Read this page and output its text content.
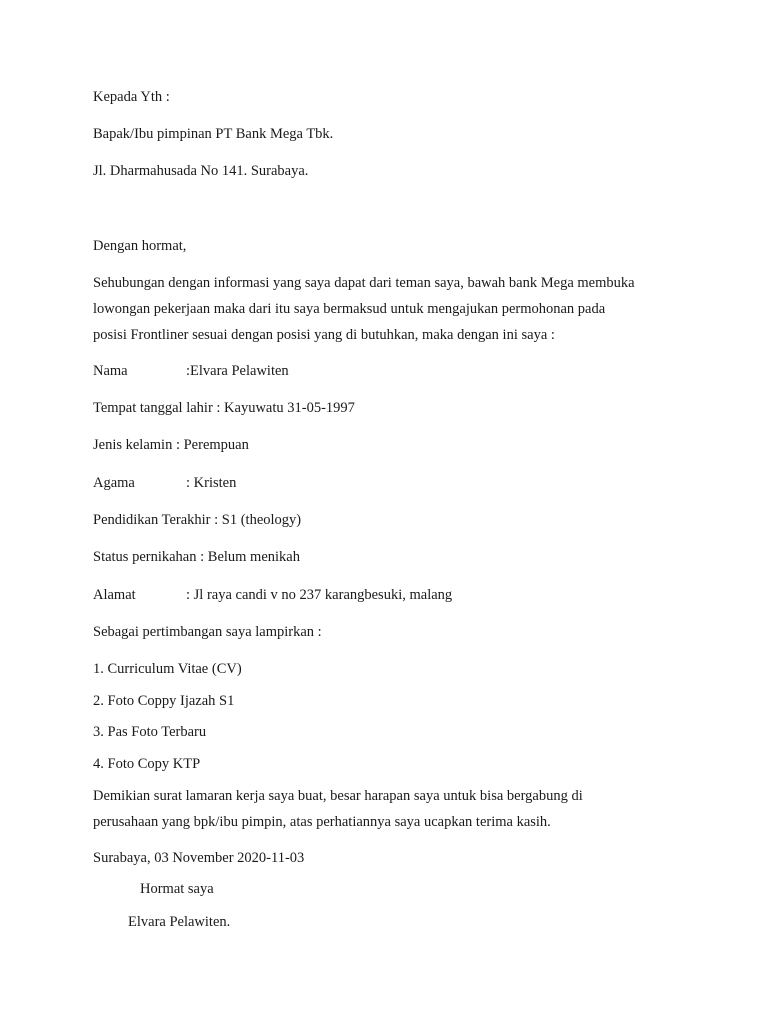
Kepada Yth :
Bapak/Ibu pimpinan PT Bank Mega Tbk.
Jl. Dharmahusada No 141. Surabaya.
Dengan hormat,
Sehubungan dengan informasi yang saya dapat dari teman saya, bawah bank Mega membuka
lowongan pekerjaan maka dari itu saya bermaksud untuk mengajukan permohonan pada
posisi Frontliner sesuai dengan posisi yang di butuhkan, maka dengan ini saya :
Nama	:Elvara Pelawiten
Tempat tanggal lahir : Kayuwatu 31-05-1997
Jenis kelamin : Perempuan
Agama	: Kristen
Pendidikan Terakhir : S1 (theology)
Status pernikahan : Belum menikah
Alamat	: Jl raya candi v no 237 karangbesuki, malang
Sebagai pertimbangan saya lampirkan :
1. Curriculum Vitae (CV)
2. Foto Coppy Ijazah S1
3. Pas Foto Terbaru
4. Foto Copy KTP
Demikian surat lamaran kerja saya buat, besar harapan saya untuk bisa bergabung di
perusahaan yang bpk/ibu pimpin, atas perhatiannya saya ucapkan terima kasih.
Surabaya, 03 November 2020-11-03
Hormat saya
Elvara Pelawiten.
